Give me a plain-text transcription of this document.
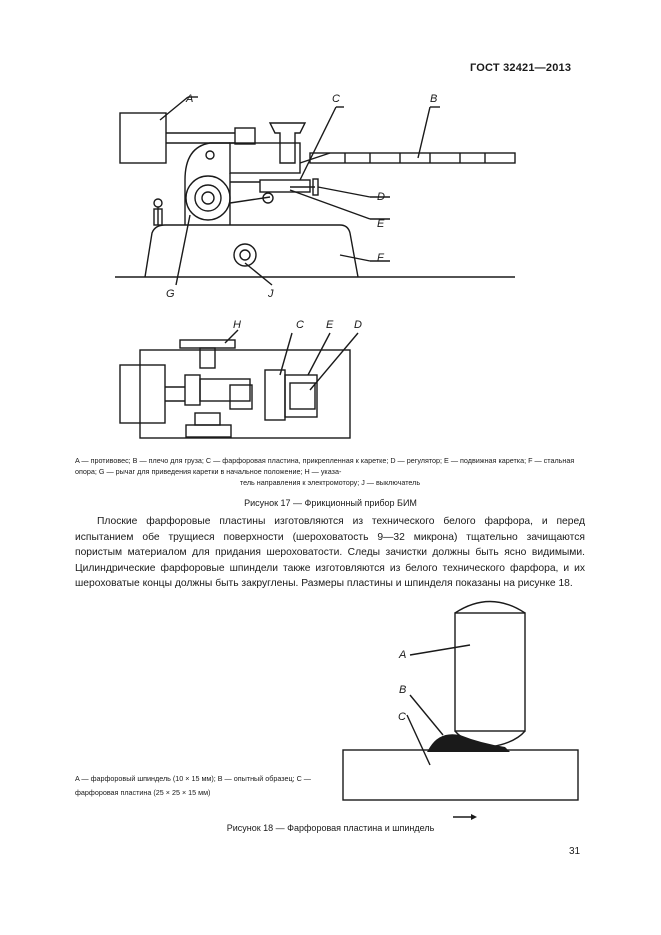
ГОСТ 32421—2013
A	C	B
D
E
F
G	J
H	C E D
A — противовес; B — плечо для груза; C — фарфоровая пластина, прикрепленная к каретке; D — регулятор; E — подвижная каретка; F — стальная опора; G — рычаг для приведения каретки в начальное положение; H — указа-
тель направления к электромотору; J — выключатель
Рисунок 17 — Фрикционный прибор БИМ
Плоские фарфоровые пластины изготовляются из технического белого фарфора, и перед испытанием обе трущиеся поверхности (шероховатость 9—32 микрона) тщательно зачищаются пористым материалом для придания шероховатости. Следы зачистки должны быть ясно видимыми. Цилиндрические фарфоровые шпиндели также изготовляются из белого технического фарфора, и их шероховатые концы должны быть закруглены. Размеры пластины и шпинделя показаны на рисунке 18.
A
B
C
A — фарфоровый шпиндель (10 × 15 мм); B — опытный образец; C — фарфоровая пластина (25 × 25 × 15 мм)
Рисунок 18 — Фарфоровая пластина и шпиндель
31
